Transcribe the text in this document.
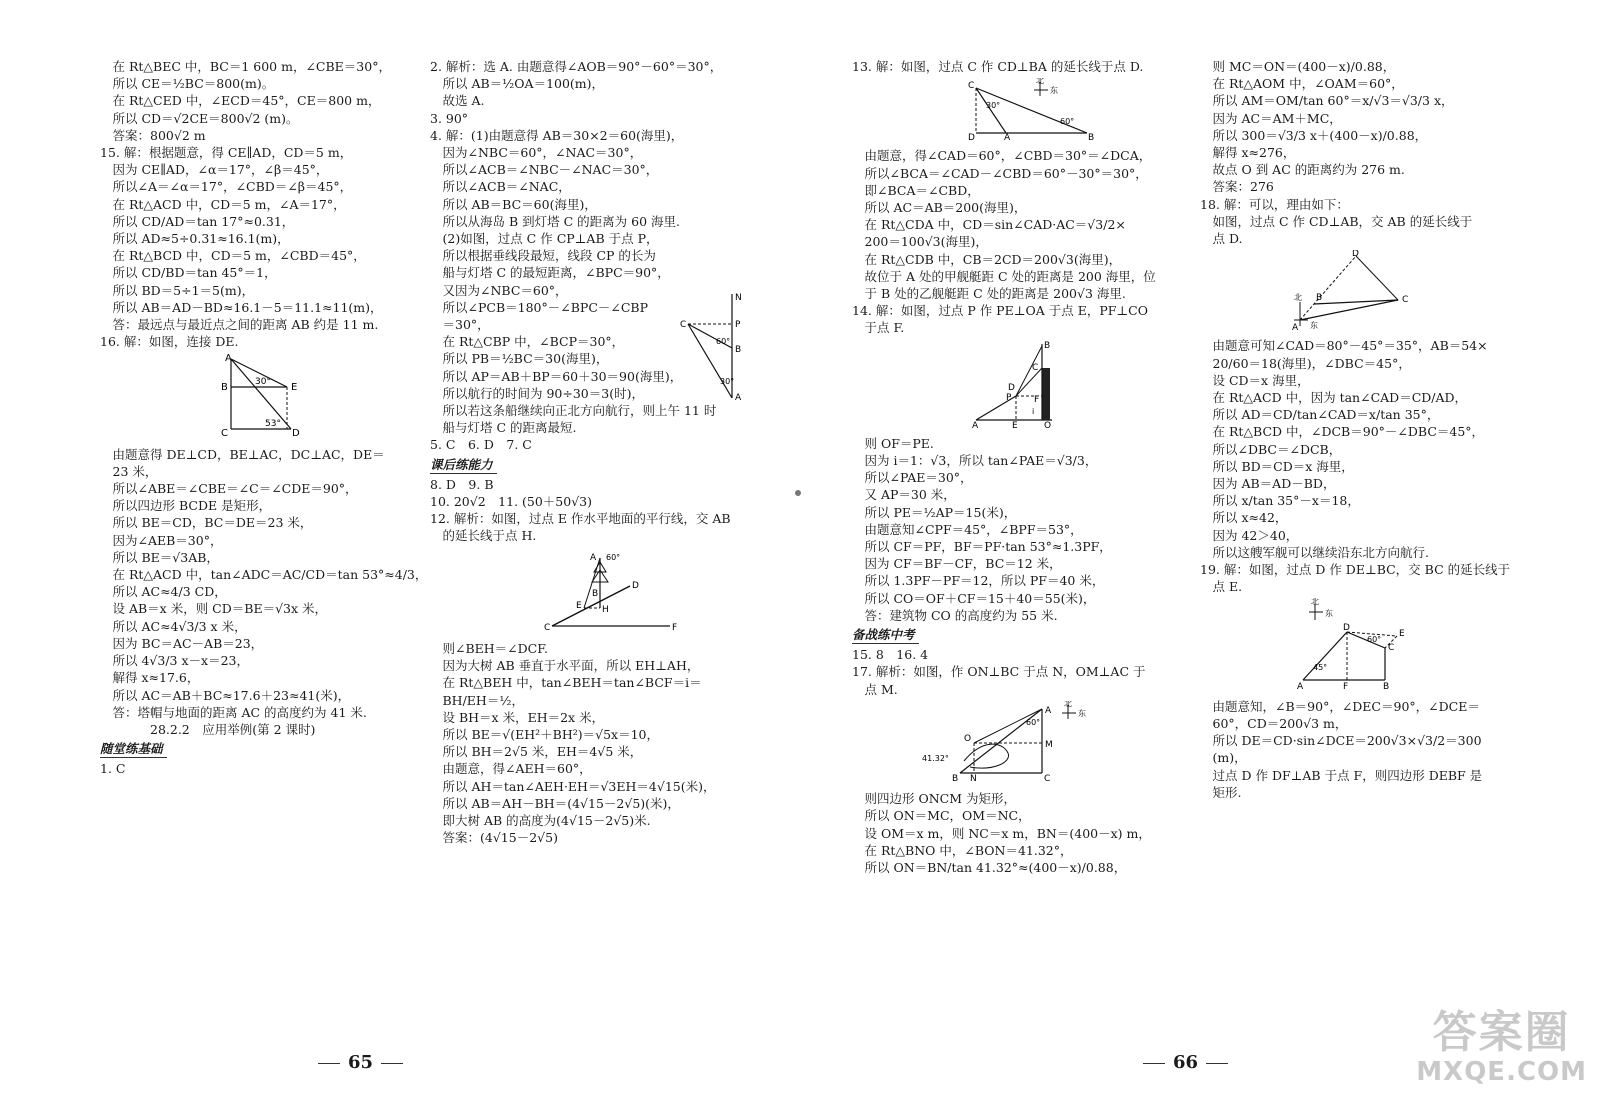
　在 Rt△BEC 中，BC＝1 600 m，∠CBE＝30°，
　所以 CE＝½BC＝800(m)。
　在 Rt△CED 中，∠ECD＝45°，CE＝800 m，
　所以 CD＝√2CE＝800√2 (m)。
　答案：800√2 m
15. 解：根据题意，得 CE∥AD，CD＝5 m，
　因为 CE∥AD，∠α＝17°，∠β＝45°，
　所以∠A＝∠α＝17°，∠CBD＝∠β＝45°，
　在 Rt△ACD 中，CD＝5 m，∠A＝17°，
　所以 CD/AD＝tan 17°≈0.31，
　所以 AD≈5÷0.31≈16.1(m)，
　在 Rt△BCD 中，CD＝5 m，∠CBD＝45°，
　所以 CD/BD＝tan 45°＝1，
　所以 BD＝5÷1＝5(m)，
　所以 AB＝AD－BD≈16.1－5＝11.1≈11(m)，
　答：最远点与最近点之间的距离 AB 约是 11 m.
16. 解：如图，连接 DE.
A
B	E
C	D
30°
53°
　由题意得 DE⊥CD，BE⊥AC，DC⊥AC，DE＝
　23 米，
　所以∠ABE＝∠CBE＝∠C＝∠CDE＝90°，
　所以四边形 BCDE 是矩形，
　所以 BE＝CD，BC＝DE＝23 米，
　因为∠AEB＝30°，
　所以 BE＝√3AB，
　在 Rt△ACD 中，tan∠ADC＝AC/CD＝tan 53°≈4/3，
　所以 AC≈4/3 CD，
　设 AB＝x 米，则 CD＝BE＝√3x 米，
　所以 AC≈4√3/3 x 米，
　因为 BC＝AC－AB＝23，
　所以 4√3/3 x－x＝23，
　解得 x≈17.6，
　所以 AC＝AB＋BC≈17.6＋23≈41(米)，
　答：塔帽与地面的距离 AC 的高度约为 41 米.
　　　　28.2.2　应用举例(第 2 课时)
随堂练基础
1. C
2. 解析：选 A. 由题意得∠AOB＝90°－60°＝30°，
　所以 AB＝½OA＝100(m)，
　故选 A.
3. 90°
4. 解：(1)由题意得 AB＝30×2＝60(海里)，
　因为∠NBC＝60°，∠NAC＝30°，
　所以∠ACB＝∠NBC－∠NAC＝30°，
　所以∠ACB＝∠NAC，
　所以 AB＝BC＝60(海里)，
　所以从海岛 B 到灯塔 C 的距离为 60 海里.
　(2)如图，过点 C 作 CP⊥AB 于点 P，
　所以根据垂线段最短，线段 CP 的长为
　船与灯塔 C 的最短距离，∠BPC＝90°，
　又因为∠NBC＝60°，
　所以∠PCB＝180°－∠BPC－∠CBP
　＝30°，
　在 Rt△CBP 中，∠BCP＝30°，
　所以 PB＝½BC＝30(海里)，
　所以 AP＝AB＋BP＝60＋30＝90(海里)，
　所以航行的时间为 90÷30＝3(时)，
　所以若这条船继续向正北方向航行，则上午 11 时
　船与灯塔 C 的距离最短.
5. C　6. D　7. C
N
C	P
B
A
60°
30°
课后练能力
8. D　9. B
10. 20√2　11. (50＋50√3)
12. 解析：如图，过点 E 作水平地面的平行线，交 AB
　的延长线于点 H.
A
B
E H
C
D
F
60°
　则∠BEH＝∠DCF.
　因为大树 AB 垂直于水平面，所以 EH⊥AH，
　在 Rt△BEH 中，tan∠BEH＝tan∠BCF＝i＝
　BH/EH＝½，
　设 BH＝x 米，EH＝2x 米，
　所以 BE＝√(EH²＋BH²)＝√5x＝10，
　所以 BH＝2√5 米，EH＝4√5 米，
　由题意，得∠AEH＝60°，
　所以 AH＝tan∠AEH·EH＝√3EH＝4√15(米)，
　所以 AB＝AH－BH＝(4√15－2√5)(米)，
　即大树 AB 的高度为(4√15－2√5)米.
　答案：(4√15－2√5)
65
13. 解：如图，过点 C 作 CD⊥BA 的延长线于点 D.
C
D	A	B
北
东
30°
60°
　由题意，得∠CAD＝60°，∠CBD＝30°＝∠DCA，
　所以∠BCA＝∠CAD－∠CBD＝60°－30°＝30°，
　即∠BCA＝∠CBD，
　所以 AC＝AB＝200(海里)，
　在 Rt△CDA 中，CD＝sin∠CAD·AC＝√3/2×
　200＝100√3(海里)，
　在 Rt△CDB 中，CB＝2CD＝200√3(海里)，
　故位于 A 处的甲舰艇距 C 处的距离是 200 海里，位
　于 B 处的乙舰艇距 C 处的距离是 200√3 海里.
14. 解：如图，过点 P 作 PE⊥OA 于点 E，PF⊥CO
　于点 F.
B
C
D
P	F
A	E	O
i
　则 OF＝PE.
　因为 i＝1：√3，所以 tan∠PAE＝√3/3，
　所以∠PAE＝30°，
　又 AP＝30 米，
　所以 PE＝½AP＝15(米)，
　由题意知∠CPF＝45°，∠BPF＝53°，
　所以 CF＝PF，BF＝PF·tan 53°≈1.3PF，
　因为 CF＝BF－CF，BC＝12 米，
　所以 1.3PF－PF＝12，所以 PF＝40 米，
　所以 CO＝OF＋CF＝15＋40＝55(米)，
　答：建筑物 CO 的高度约为 55 米.
备战练中考
15. 8　16. 4
17. 解析：如图，作 ON⊥BC 于点 N，OM⊥AC 于
　点 M.
北
东
A
O
M
B N	C
41.32°
60°
　则四边形 ONCM 为矩形，
　所以 ON＝MC，OM＝NC，
　设 OM＝x m，则 NC＝x m，BN＝(400－x) m，
　在 Rt△BNO 中，∠BON＝41.32°，
　所以 ON＝BN/tan 41.32°≈(400－x)/0.88，
　则 MC＝ON＝(400－x)/0.88，
　在 Rt△AOM 中，∠OAM＝60°，
　所以 AM＝OM/tan 60°＝x/√3＝√3/3 x，
　因为 AC＝AM＋MC，
　所以 300＝√3/3 x＋(400－x)/0.88，
　解得 x≈276，
　故点 O 到 AC 的距离约为 276 m.
　答案：276
18. 解：可以，理由如下：
　如图，过点 C 作 CD⊥AB，交 AB 的延长线于
　点 D.
D
北
东
A
B	C
　由题意可知∠CAD＝80°－45°＝35°，AB＝54×
　20/60＝18(海里)，∠DBC＝45°，
　设 CD＝x 海里，
　在 Rt△ACD 中，因为 tan∠CAD＝CD/AD，
　所以 AD＝CD/tan∠CAD＝x/tan 35°，
　在 Rt△BCD 中，∠DCB＝90°－∠DBC＝45°，
　所以∠DBC＝∠DCB，
　所以 BD＝CD＝x 海里，
　因为 AB＝AD－BD，
　所以 x/tan 35°－x＝18，
　所以 x≈42，
　因为 42＞40，
　所以这艘军舰可以继续沿东北方向航行.
19. 解：如图，过点 D 作 DE⊥BC，交 BC 的延长线于
　点 E.
北
东
D
E
C
A	F	B
45°
60°
　由题意知，∠B＝90°，∠DEC＝90°，∠DCE＝
　60°，CD＝200√3 m，
　所以 DE＝CD·sin∠DCE＝200√3×√3/2＝300
　(m)，
　过点 D 作 DF⊥AB 于点 F，则四边形 DEBF 是
　矩形.
66
答案圈
MXQE.COM
